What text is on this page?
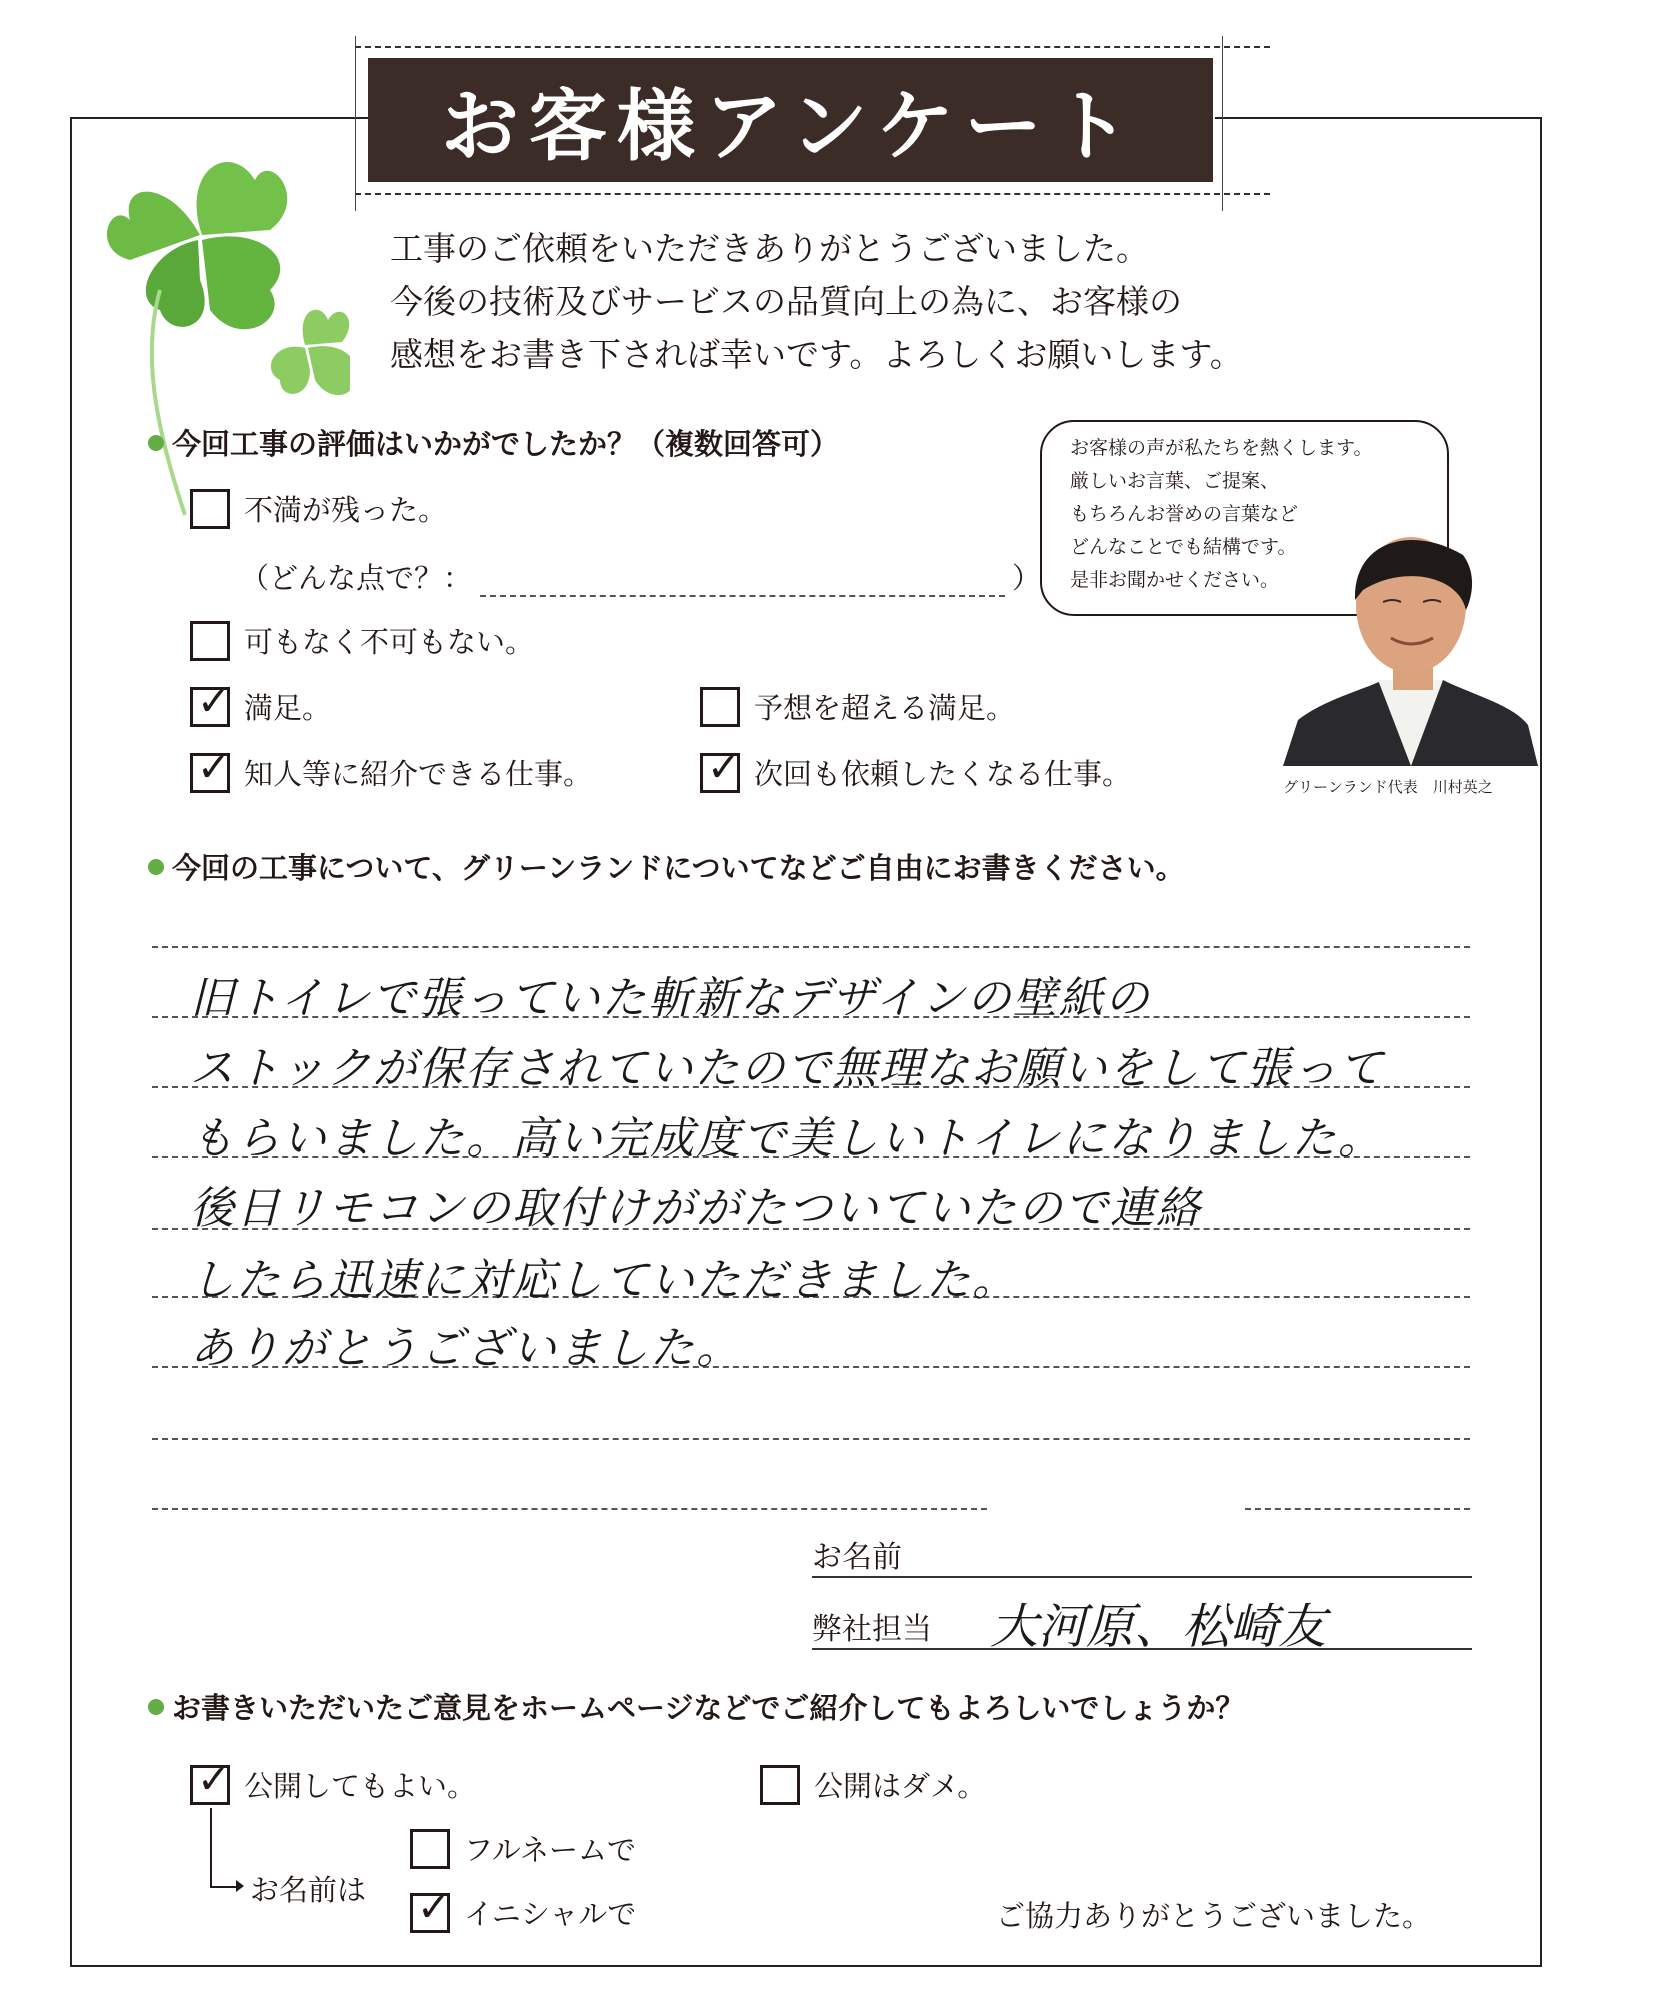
お客様アンケート
工事のご依頼をいただきありがとうございました。
今後の技術及びサービスの品質向上の為に、お客様の
感想をお書き下されば幸いです。よろしくお願いします。
お客様の声が私たちを熱くします。
厳しいお言葉、ご提案、
もちろんお誉めの言葉など
どんなことでも結構です。
是非お聞かせください。
グリーンランド代表　川村英之
今回工事の評価はいかがでしたか？（複数回答可）
不満が残った。
（どんな点で？：	）
可もなく不可もない。
✓ 満足。	予想を超える満足。
✓ 知人等に紹介できる仕事。	✓ 次回も依頼したくなる仕事。
今回の工事について、グリーンランドについてなどご自由にお書きください。
旧トイレで張っていた斬新なデザインの壁紙の
ストックが保存されていたので無理なお願いをして張って
もらいました。高い完成度で美しいトイレになりました。
後日リモコンの取付けががたついていたので連絡
したら迅速に対応していただきました。
ありがとうございました。
お名前
弊社担当 大河原、松崎友
お書きいただいたご意見をホームページなどでご紹介してもよろしいでしょうか？
✓ 公開してもよい。	公開はダメ。
お名前は
フルネームで
✓ イニシャルで	ご協力ありがとうございました。
